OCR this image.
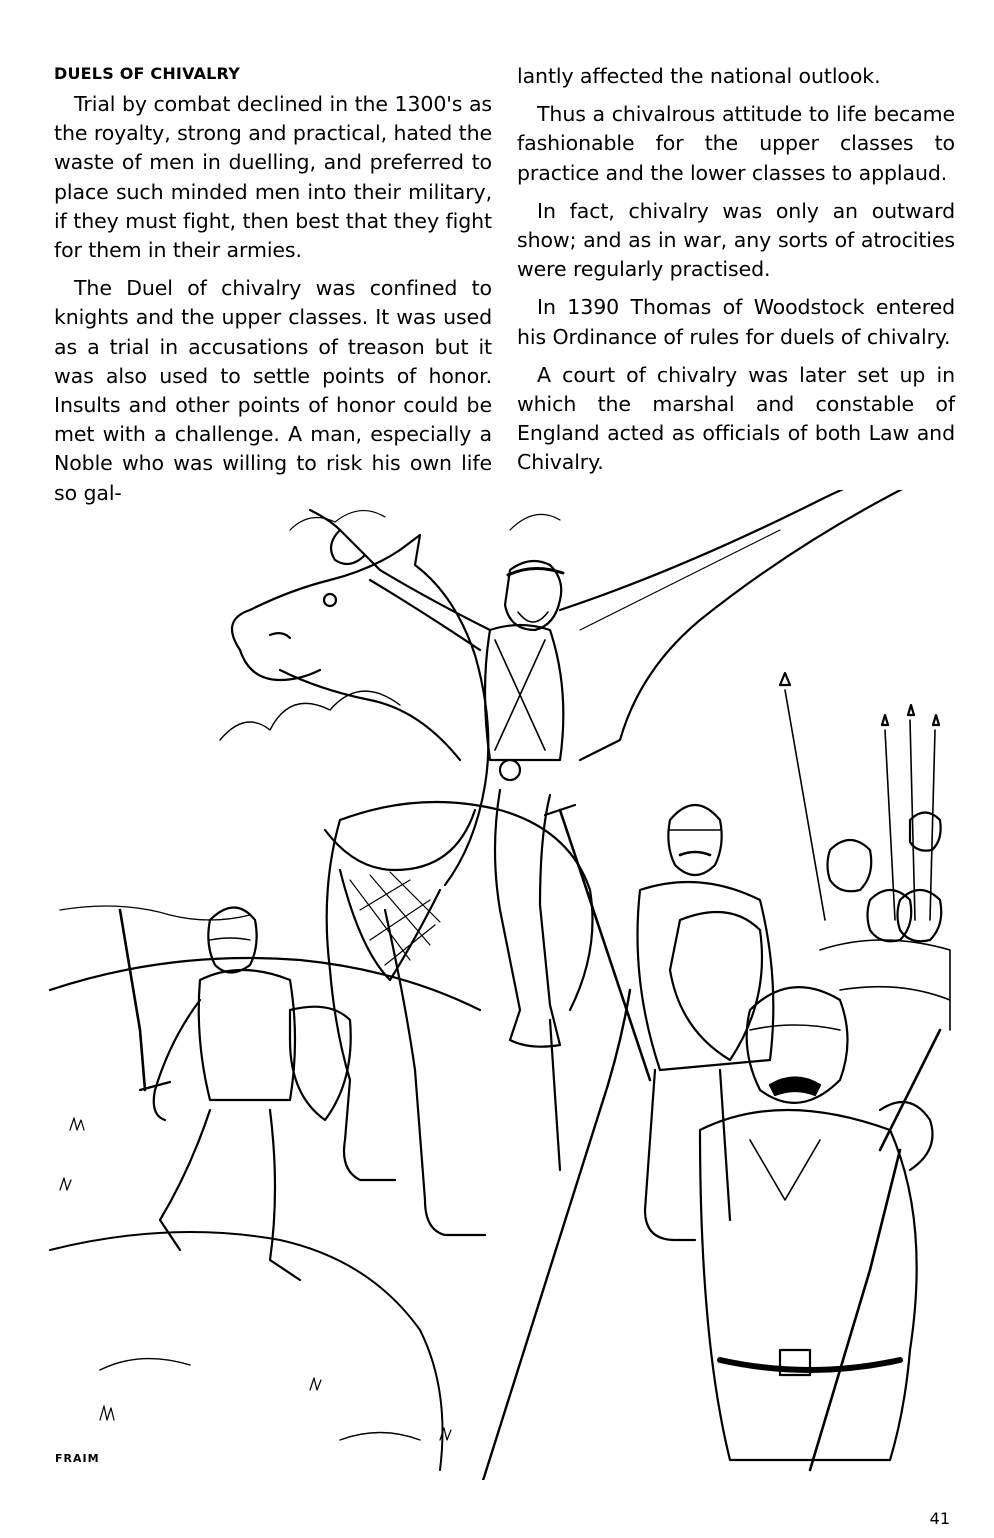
DUELS OF CHIVALRY

Trial by combat declined in the 1300's as the royalty, strong and practical, hated the waste of men in duelling, and preferred to place such minded men into their military, if they must fight, then best that they fight for them in their armies.

The Duel of chivalry was confined to knights and the upper classes. It was used as a trial in accusations of treason but it was also used to settle points of honor. Insults and other points of honor could be met with a challenge. A man, especially a Noble who was willing to risk his own life so gal-

lantly affected the national outlook.

Thus a chivalrous attitude to life became fashionable for the upper classes to practice and the lower classes to applaud.

In fact, chivalry was only an outward show; and as in war, any sorts of atrocities were regularly practised.

In 1390 Thomas of Woodstock entered his Ordinance of rules for duels of chivalry.

A court of chivalry was later set up in which the marshal and constable of England acted as officials of both Law and Chivalry.

FRAIM
41
